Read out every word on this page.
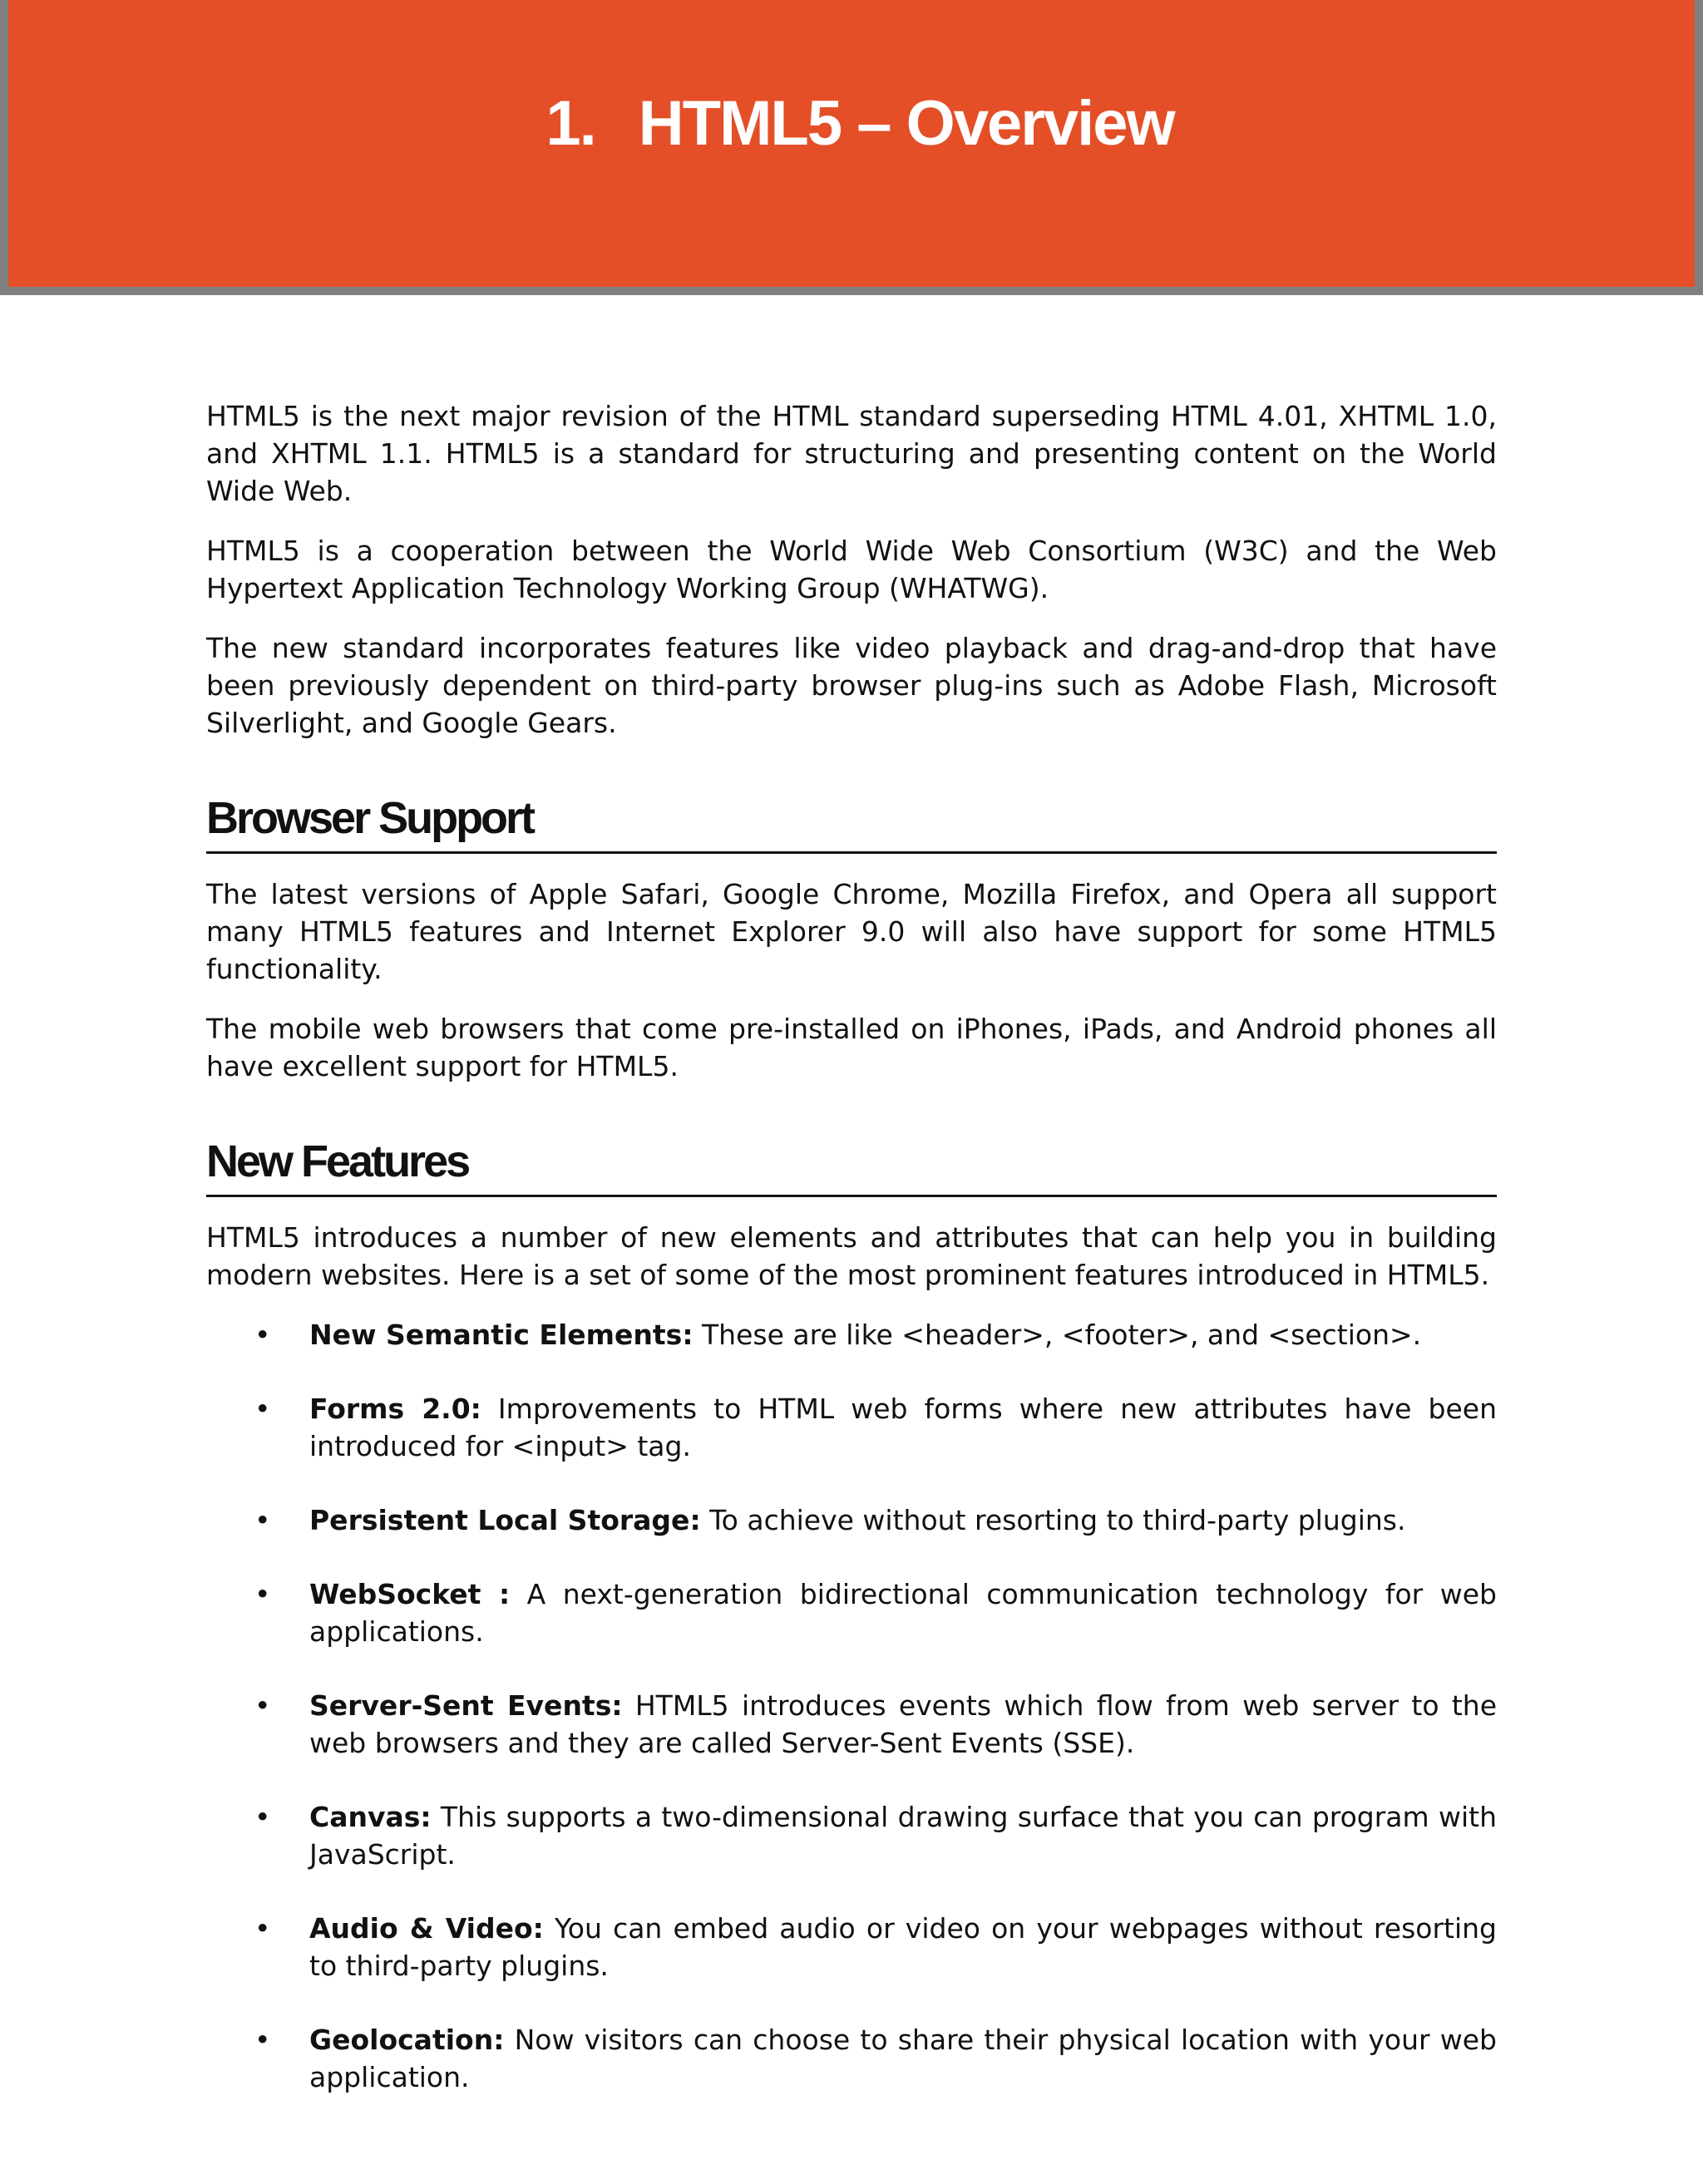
1. HTML5 – Overview

HTML5 is the next major revision of the HTML standard superseding HTML 4.01, XHTML 1.0, and XHTML 1.1. HTML5 is a standard for structuring and presenting content on the World Wide Web.

HTML5 is a cooperation between the World Wide Web Consortium (W3C) and the Web Hypertext Application Technology Working Group (WHATWG).

The new standard incorporates features like video playback and drag-and-drop that have been previously dependent on third-party browser plug-ins such as Adobe Flash, Microsoft Silverlight, and Google Gears.

Browser Support

The latest versions of Apple Safari, Google Chrome, Mozilla Firefox, and Opera all support many HTML5 features and Internet Explorer 9.0 will also have support for some HTML5 functionality.

The mobile web browsers that come pre-installed on iPhones, iPads, and Android phones all have excellent support for HTML5.

New Features

HTML5 introduces a number of new elements and attributes that can help you in building modern websites. Here is a set of some of the most prominent features introduced in HTML5.

• New Semantic Elements: These are like <header>, <footer>, and <section>.
• Forms 2.0: Improvements to HTML web forms where new attributes have been introduced for <input> tag.
• Persistent Local Storage: To achieve without resorting to third-party plugins.
• WebSocket : A next-generation bidirectional communication technology for web applications.
• Server-Sent Events: HTML5 introduces events which flow from web server to the web browsers and they are called Server-Sent Events (SSE).
• Canvas: This supports a two-dimensional drawing surface that you can program with JavaScript.
• Audio & Video: You can embed audio or video on your webpages without resorting to third-party plugins.
• Geolocation: Now visitors can choose to share their physical location with your web application.
